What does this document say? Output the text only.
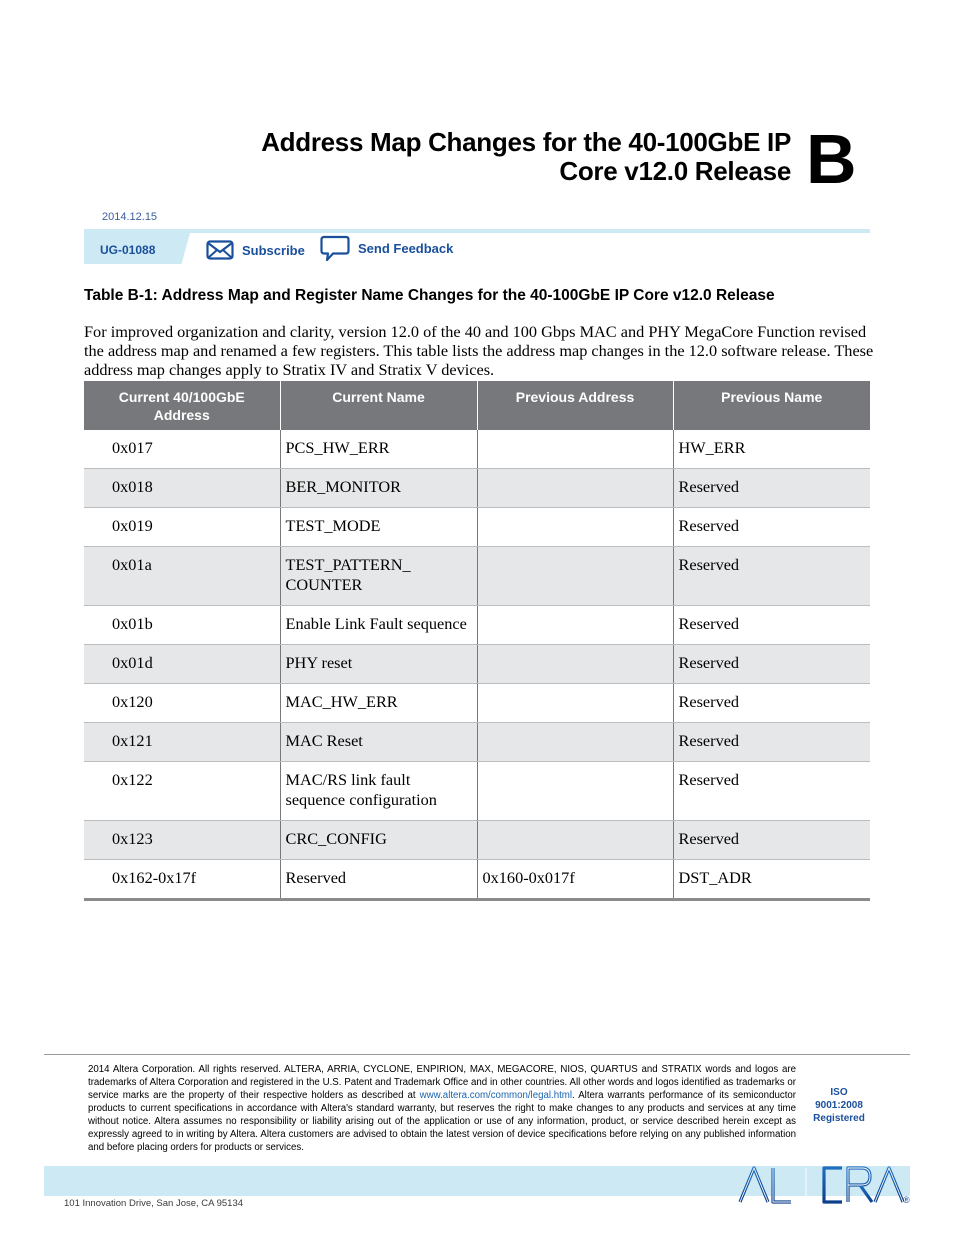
Address Map Changes for the 40-100GbE IP
Core v12.0 Release B
2014.12.15
UG-01088	Subscribe	Send Feedback
Table B-1: Address Map and Register Name Changes for the 40-100GbE IP Core v12.0 Release
For improved organization and clarity, version 12.0 of the 40 and 100 Gbps MAC and PHY MegaCore Function revised the address map and renamed a few registers. This table lists the address map changes in the 12.0 software release. These address map changes apply to Stratix IV and Stratix V devices.
Current 40/100GbE Address	Current Name	Previous Address	Previous Name
0x017	PCS_HW_ERR		HW_ERR
0x018	BER_MONITOR		Reserved
0x019	TEST_MODE		Reserved
0x01a	TEST_PATTERN_ COUNTER		Reserved
0x01b	Enable Link Fault sequence		Reserved
0x01d	PHY reset		Reserved
0x120	MAC_HW_ERR		Reserved
0x121	MAC Reset		Reserved
0x122	MAC/RS link fault sequence configuration		Reserved
0x123	CRC_CONFIG		Reserved
0x162-0x17f	Reserved	0x160-0x017f	DST_ADR
2014 Altera Corporation. All rights reserved. ALTERA, ARRIA, CYCLONE, ENPIRION, MAX, MEGACORE, NIOS, QUARTUS and STRATIX words and logos are trademarks of Altera Corporation and registered in the U.S. Patent and Trademark Office and in other countries. All other words and logos identified as trademarks or service marks are the property of their respective holders as described at www.altera.com/common/legal.html. Altera warrants performance of its semiconductor products to current specifications in accordance with Altera's standard warranty, but reserves the right to make changes to any products and services at any time without notice. Altera assumes no responsibility or liability arising out of the application or use of any information, product, or service described herein except as expressly agreed to in writing by Altera. Altera customers are advised to obtain the latest version of device specifications before relying on any published information and before placing orders for products or services.
ISO
9001:2008
Registered
101 Innovation Drive, San Jose, CA 95134	®
